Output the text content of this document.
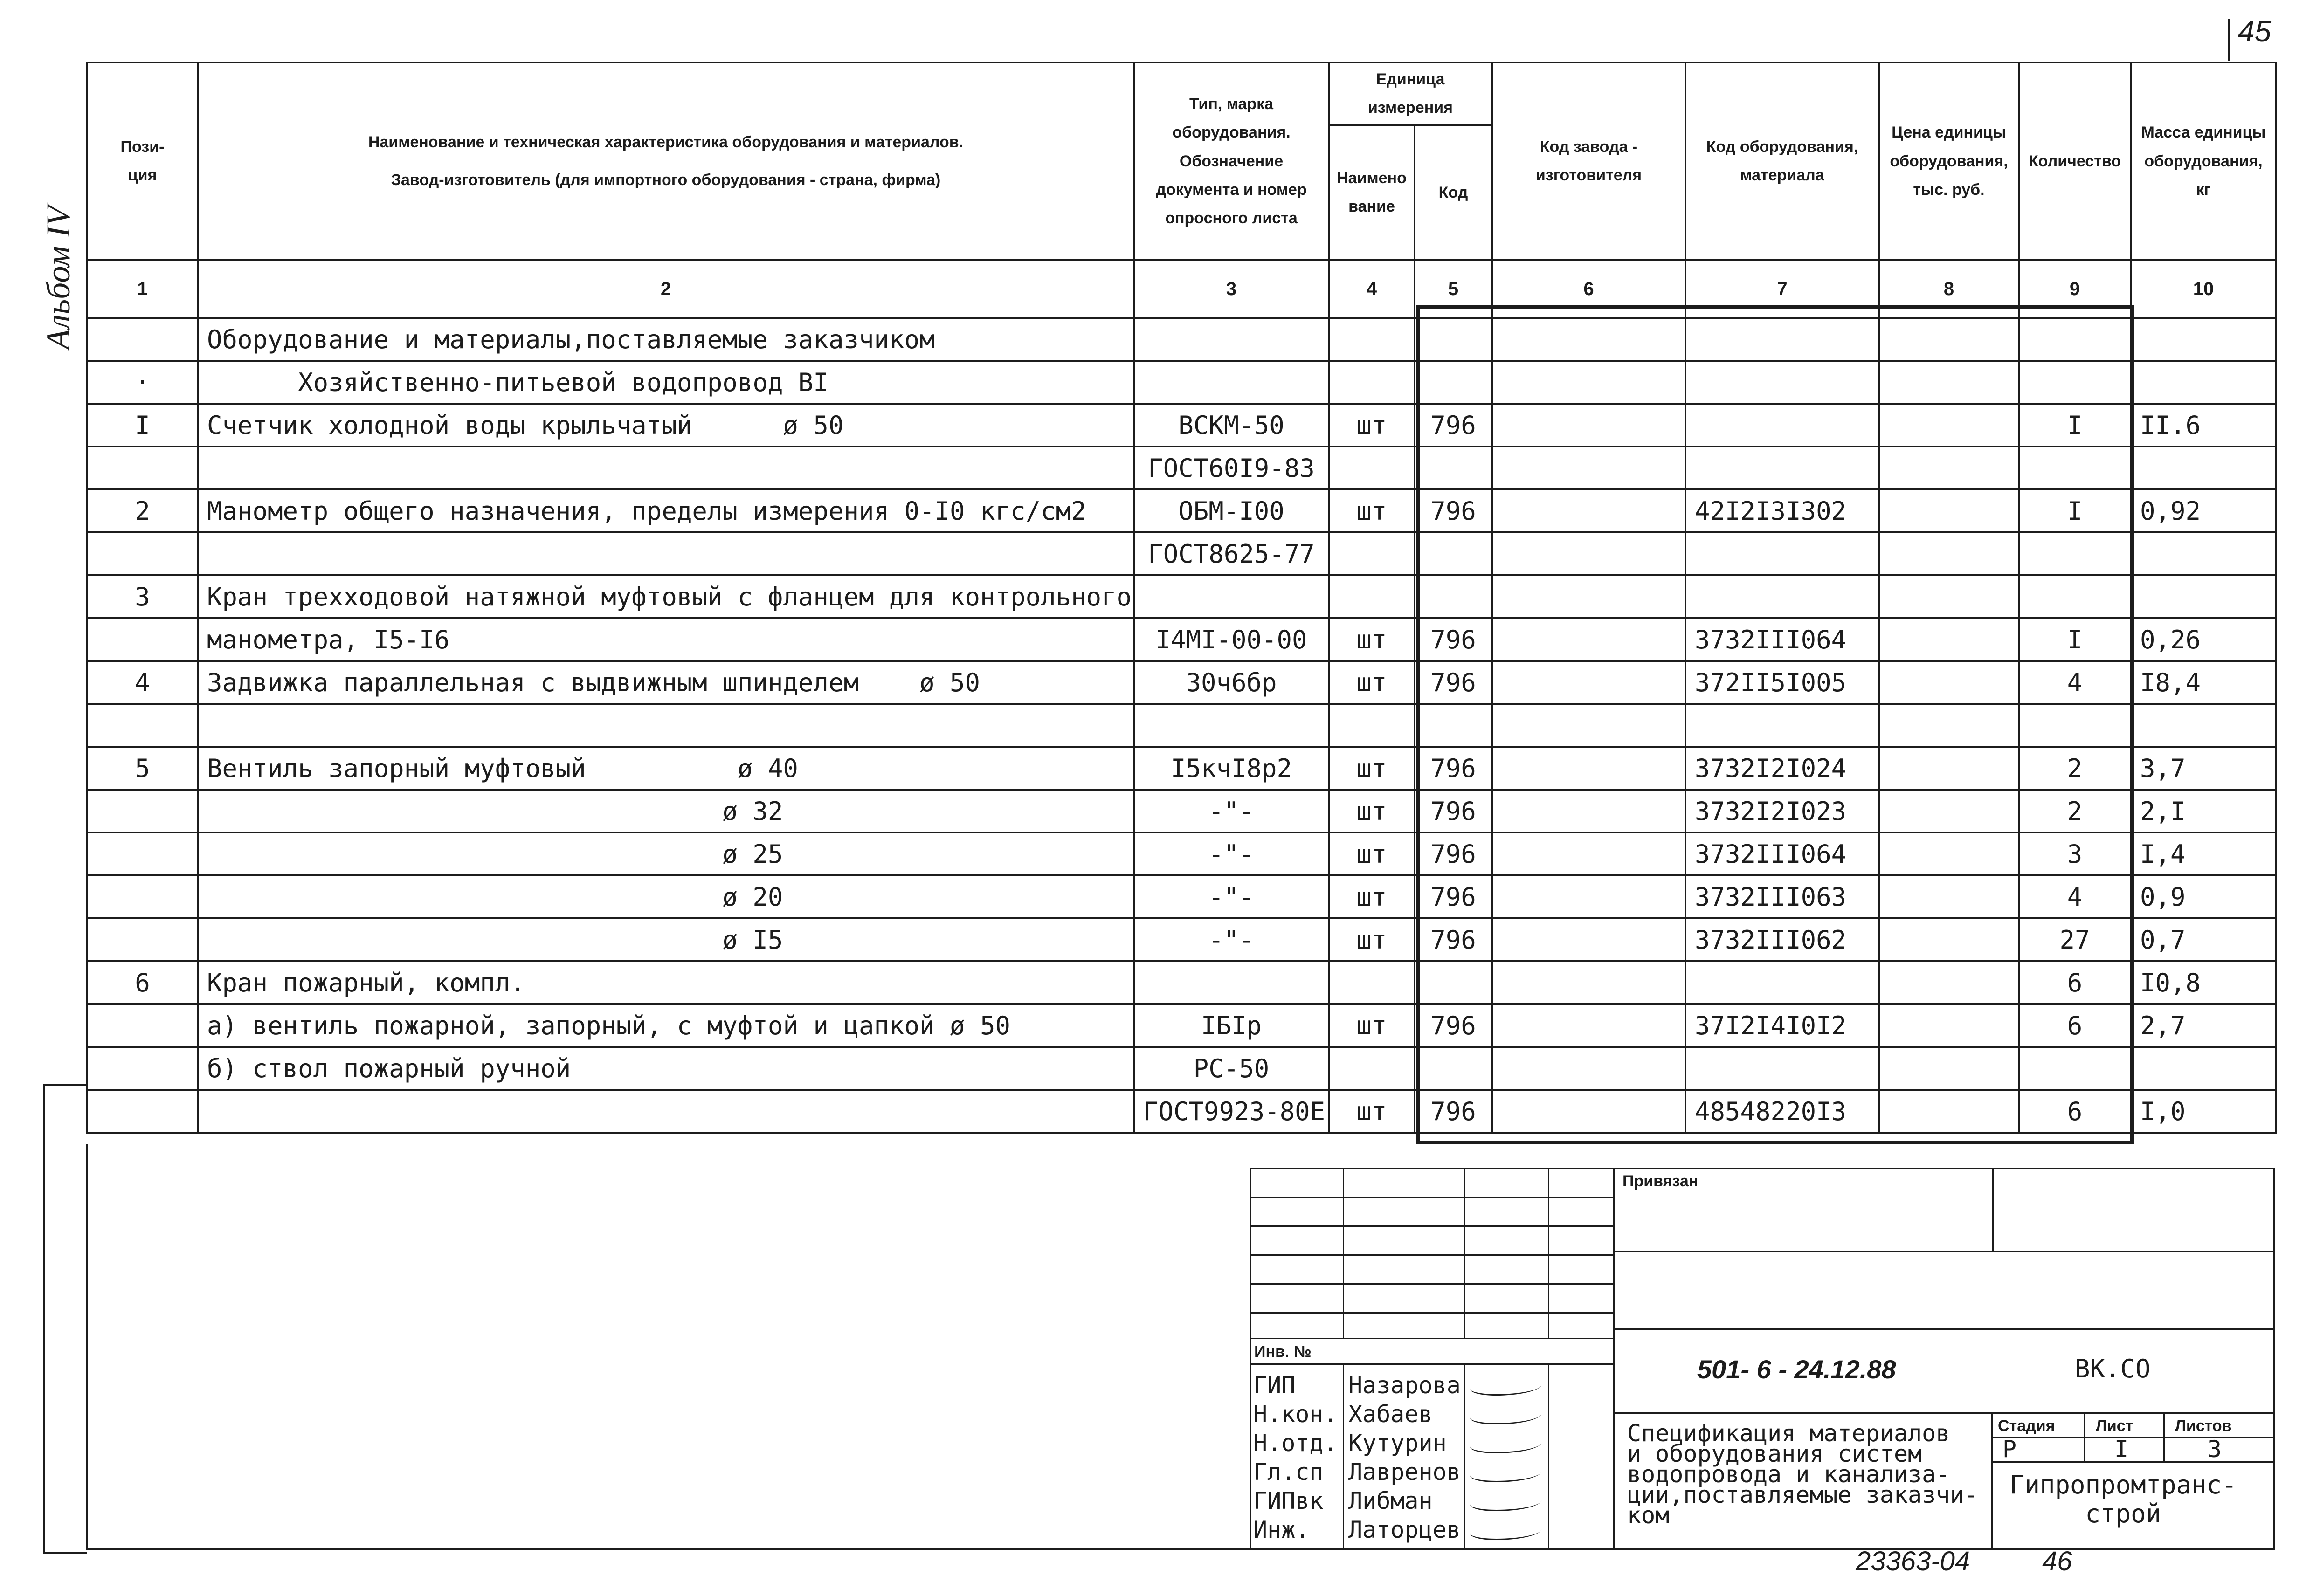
45
Альбом IV
Пози-
ция	Наименование и техническая характеристика оборудования и материалов.
Завод-изготовитель (для импортного оборудования - страна, фирма)	Тип, марка оборудования. Обозначение документа и номер опросного листа	Единица измерения		Код завода - изготовителя	Код оборудования, материала	Цена единицы оборудования, тыс. руб.	Количество	Масса единицы оборудования, кг
			Наименование	Код					
1	2	3	4	5	6	7	8	9	10
	Оборудование и материалы,поставляемые заказчиком								
·	Хозяйственно-питьевой водопровод BI								
I	Счетчик холодной воды крыльчатый      ø 50	ВСКМ-50	шт	796				I	II.6
		ГОСТ60I9-83							
2	Манометр общего назначения, пределы измерения 0-I0 кгс/см2	ОБМ-I00	шт	796		42I2I3I302		I	0,92
		ГОСТ8625-77							
3	Кран трехходовой натяжной муфтовый с фланцем для контрольного								
	манометра, I5-I6	I4MI-00-00	шт	796		3732III064		I	0,26
4	Задвижка параллельная с выдвижным шпинделем    ø 50	30ч6бр	шт	796		372II5I005		4	I8,4

5	Вентиль запорный муфтовый          ø 40	I5кчI8р2	шт	796		3732I2I024		2	3,7
	ø 32	-"-	шт	796		3732I2I023		2	2,I
	ø 25	-"-	шт	796		3732III064		3	I,4
	ø 20	-"-	шт	796		3732III063		4	0,9
	ø I5	-"-	шт	796		3732III062		27	0,7
6	Кран пожарный, компл.							6	I0,8
	а) вентиль пожарной, запорный, с муфтой и цапкой ø 50	IБIр	шт	796		37I2I4I0I2		6	2,7
	б) ствол пожарный ручной	РС-50							
		ГОСТ9923-80Е	шт	796		48548220I3		6	I,0
Привязан
Инв. №
ГИП Назарова
Н.кон. Хабаев
Н.отд. Кутурин
Гл.сп Лавренов
ГИПвк Либман
Инж. Латорцев
501- 6 - 24.12.88	ВК.СО
Спецификация материалов
и оборудования систем
водопровода и канализа-
ции,поставляемые заказчи-
ком
Стадия	Лист	Листов
Р	I	3
Гипропромтранс-
строй
23363-04	46
